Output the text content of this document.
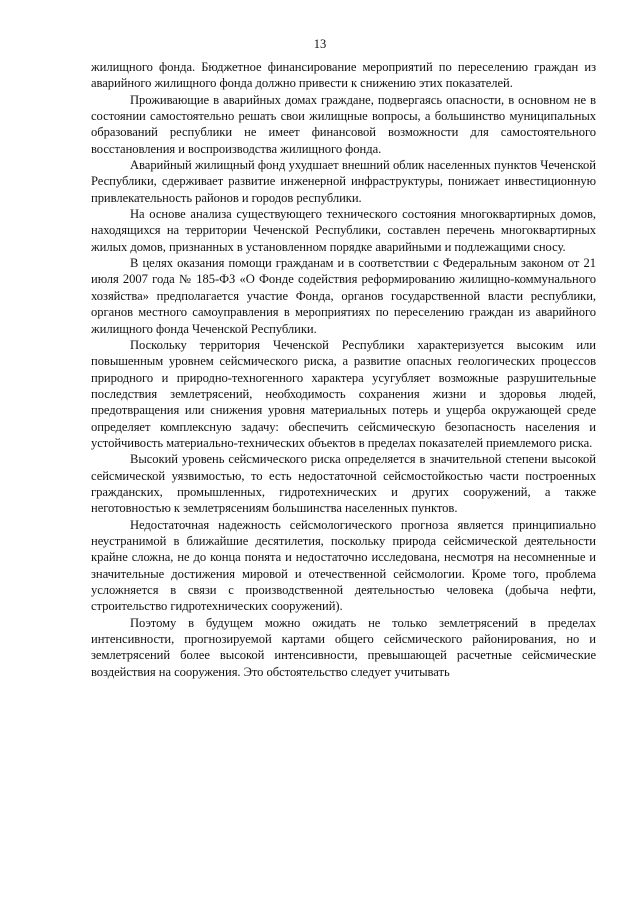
13

жилищного фонда. Бюджетное финансирование мероприятий по переселению граждан из аварийного жилищного фонда должно привести к снижению этих показателей.

Проживающие в аварийных домах граждане, подвергаясь опасности, в основном не в состоянии самостоятельно решать свои жилищные вопросы, а большинство муниципальных образований республики не имеет финансовой возможности для самостоятельного восстановления и воспроизводства жилищного фонда.

Аварийный жилищный фонд ухудшает внешний облик населенных пунктов Чеченской Республики, сдерживает развитие инженерной инфраструктуры, понижает инвестиционную привлекательность районов и городов республики.

На основе анализа существующего технического состояния многоквартирных домов, находящихся на территории Чеченской Республики, составлен перечень многоквартирных жилых домов, признанных в установленном порядке аварийными и подлежащими сносу.

В целях оказания помощи гражданам и в соответствии с Федеральным законом от 21 июля 2007 года № 185-ФЗ «О Фонде содействия реформированию жилищно-коммунального хозяйства» предполагается участие Фонда, органов государственной власти республики, органов местного самоуправления в мероприятиях по переселению граждан из аварийного жилищного фонда Чеченской Республики.

Поскольку территория Чеченской Республики характеризуется высоким или повышенным уровнем сейсмического риска, а развитие опасных геологических процессов природного и природно-техногенного характера усугубляет возможные разрушительные последствия землетрясений, необходимость сохранения жизни и здоровья людей, предотвращения или снижения уровня материальных потерь и ущерба окружающей среде определяет комплексную задачу: обеспечить сейсмическую безопасность населения и устойчивость материально-технических объектов в пределах показателей приемлемого риска.

Высокий уровень сейсмического риска определяется в значительной степени высокой сейсмической уязвимостью, то есть недостаточной сейсмостойкостью части построенных гражданских, промышленных, гидротехнических и других сооружений, а также неготовностью к землетрясениям большинства населенных пунктов.

Недостаточная надежность сейсмологического прогноза является принципиально неустранимой в ближайшие десятилетия, поскольку природа сейсмической деятельности крайне сложна, не до конца понята и недостаточно исследована, несмотря на несомненные и значительные достижения мировой и отечественной сейсмологии. Кроме того, проблема усложняется в связи с производственной деятельностью человека (добыча нефти, строительство гидротехнических сооружений).

Поэтому в будущем можно ожидать не только землетрясений в пределах интенсивности, прогнозируемой картами общего сейсмического районирования, но и землетрясений более высокой интенсивности, превышающей расчетные сейсмические воздействия на сооружения. Это обстоятельство следует учитывать
